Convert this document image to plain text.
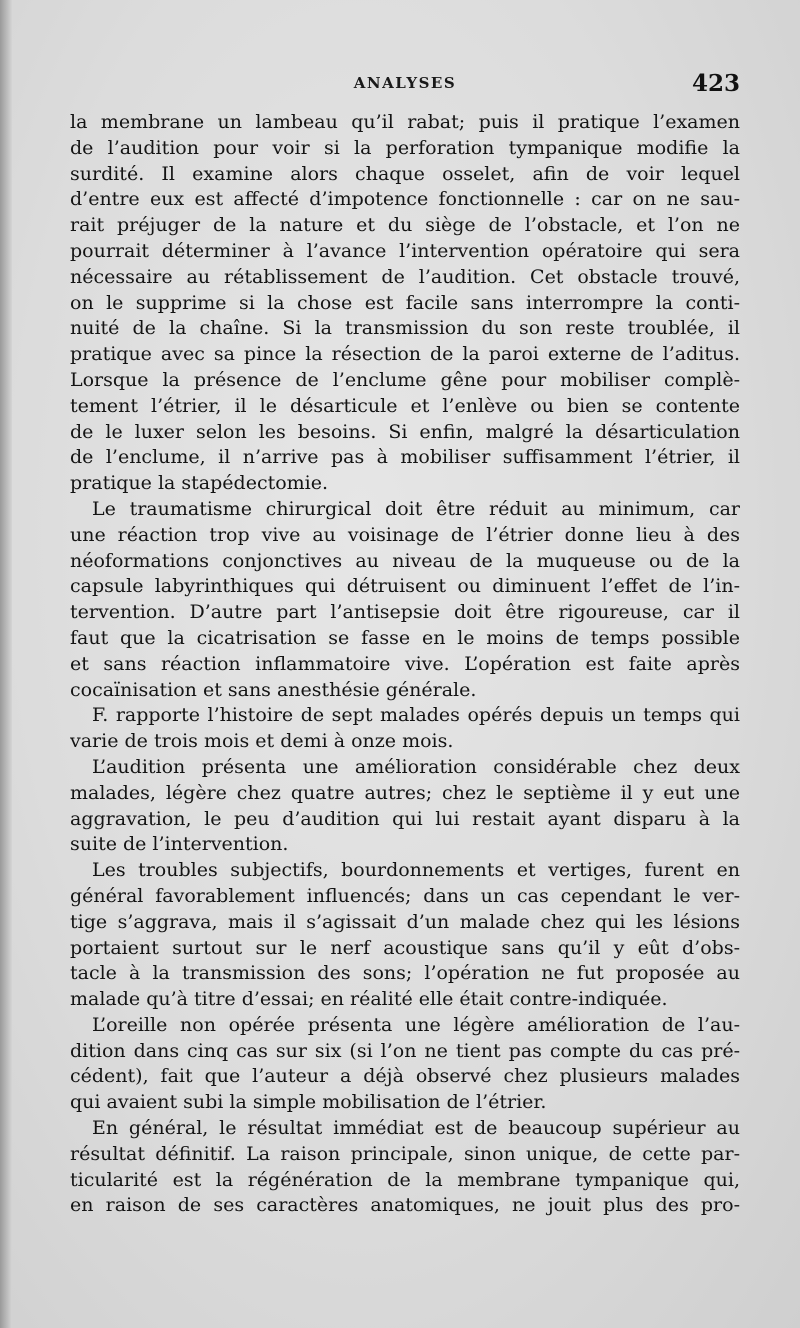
ANALYSES	423
la membrane un lambeau qu’il rabat; puis il pratique l’examen
de l’audition pour voir si la perforation tympanique modifie la
surdité. Il examine alors chaque osselet, afin de voir lequel
d’entre eux est affecté d’impotence fonctionnelle : car on ne sau-
rait préjuger de la nature et du siège de l’obstacle, et l’on ne
pourrait déterminer à l’avance l’intervention opératoire qui sera
nécessaire au rétablissement de l’audition. Cet obstacle trouvé,
on le supprime si la chose est facile sans interrompre la conti-
nuité de la chaîne. Si la transmission du son reste troublée, il
pratique avec sa pince la résection de la paroi externe de l’aditus.
Lorsque la présence de l’enclume gêne pour mobiliser complè-
tement l’étrier, il le désarticule et l’enlève ou bien se contente
de le luxer selon les besoins. Si enfin, malgré la désarticulation
de l’enclume, il n’arrive pas à mobiliser suffisamment l’étrier, il
pratique la stapédectomie.
Le traumatisme chirurgical doit être réduit au minimum, car
une réaction trop vive au voisinage de l’étrier donne lieu à des
néoformations conjonctives au niveau de la muqueuse ou de la
capsule labyrinthiques qui détruisent ou diminuent l’effet de l’in-
tervention. D’autre part l’antisepsie doit être rigoureuse, car il
faut que la cicatrisation se fasse en le moins de temps possible
et sans réaction inflammatoire vive. L’opération est faite après
cocaïnisation et sans anesthésie générale.
F. rapporte l’histoire de sept malades opérés depuis un temps qui
varie de trois mois et demi à onze mois.
L’audition présenta une amélioration considérable chez deux
malades, légère chez quatre autres; chez le septième il y eut une
aggravation, le peu d’audition qui lui restait ayant disparu à la
suite de l’intervention.
Les troubles subjectifs, bourdonnements et vertiges, furent en
général favorablement influencés; dans un cas cependant le ver-
tige s’aggrava, mais il s’agissait d’un malade chez qui les lésions
portaient surtout sur le nerf acoustique sans qu’il y eût d’obs-
tacle à la transmission des sons; l’opération ne fut proposée au
malade qu’à titre d’essai; en réalité elle était contre-indiquée.
L’oreille non opérée présenta une légère amélioration de l’au-
dition dans cinq cas sur six (si l’on ne tient pas compte du cas pré-
cédent), fait que l’auteur a déjà observé chez plusieurs malades
qui avaient subi la simple mobilisation de l’étrier.
En général, le résultat immédiat est de beaucoup supérieur au
résultat définitif. La raison principale, sinon unique, de cette par-
ticularité est la régénération de la membrane tympanique qui,
en raison de ses caractères anatomiques, ne jouit plus des pro-
